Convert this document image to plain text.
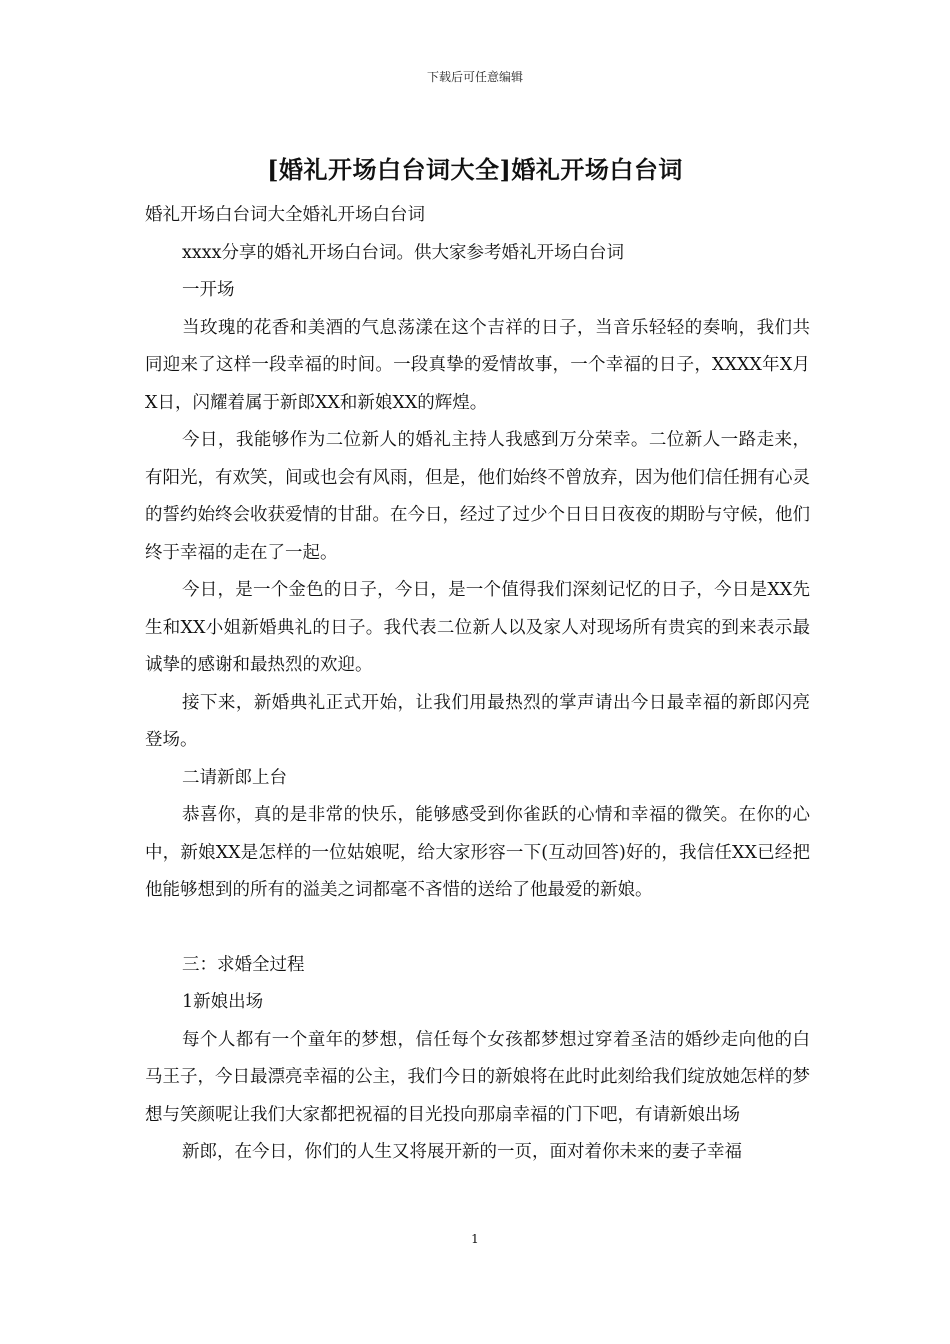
下载后可任意编辑
[婚礼开场白台词大全]婚礼开场白台词

婚礼开场白台词大全婚礼开场白台词

xxxx分享的婚礼开场白台词。供大家参考婚礼开场白台词

一开场

当玫瑰的花香和美酒的气息荡漾在这个吉祥的日子，当音乐轻轻的奏响，我们共同迎来了这样一段幸福的时间。一段真挚的爱情故事，一个幸福的日子，XXXX年X月X日，闪耀着属于新郎XX和新娘XX的辉煌。

今日，我能够作为二位新人的婚礼主持人我感到万分荣幸。二位新人一路走来，有阳光，有欢笑，间或也会有风雨，但是，他们始终不曾放弃，因为他们信任拥有心灵的誓约始终会收获爱情的甘甜。在今日，经过了过少个日日日夜夜的期盼与守候，他们终于幸福的走在了一起。

今日，是一个金色的日子，今日，是一个值得我们深刻记忆的日子，今日是XX先生和XX小姐新婚典礼的日子。我代表二位新人以及家人对现场所有贵宾的到来表示最诚挚的感谢和最热烈的欢迎。

接下来，新婚典礼正式开始，让我们用最热烈的掌声请出今日最幸福的新郎闪亮登场。

二请新郎上台

恭喜你，真的是非常的快乐，能够感受到你雀跃的心情和幸福的微笑。在你的心中，新娘XX是怎样的一位姑娘呢，给大家形容一下(互动回答)好的，我信任XX已经把他能够想到的所有的溢美之词都毫不吝惜的送给了他最爱的新娘。

三：求婚全过程

1新娘出场

每个人都有一个童年的梦想，信任每个女孩都梦想过穿着圣洁的婚纱走向他的白马王子，今日最漂亮幸福的公主，我们今日的新娘将在此时此刻给我们绽放她怎样的梦想与笑颜呢让我们大家都把祝福的目光投向那扇幸福的门下吧，有请新娘出场

新郎，在今日，你们的人生又将展开新的一页，面对着你未来的妻子幸福

1
